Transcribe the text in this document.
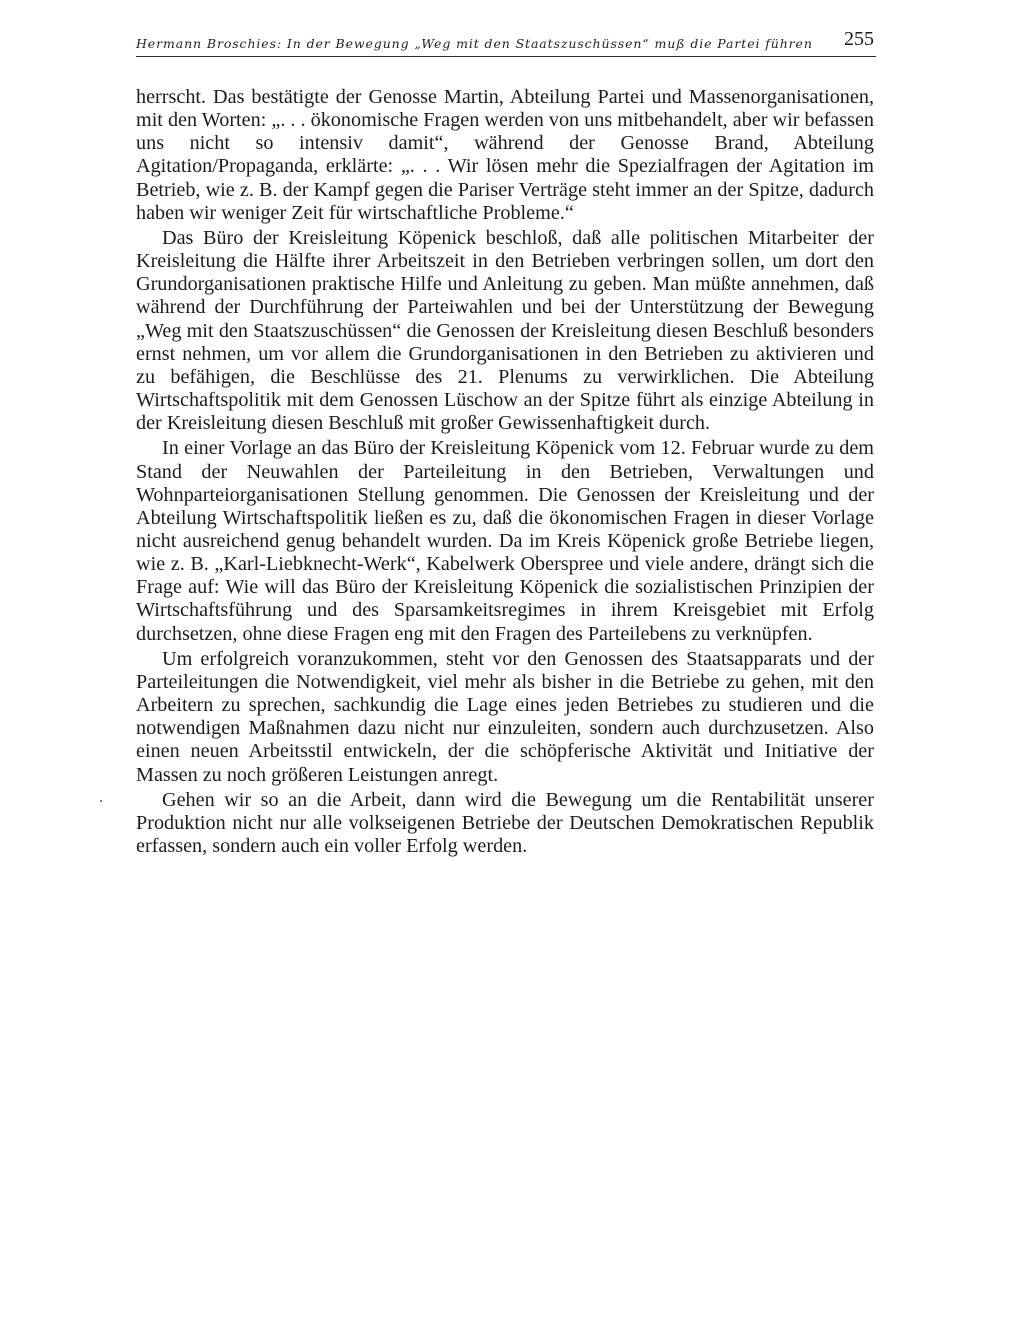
Hermann Broschies: In der Bewegung „Weg mit den Staatszuschüssen“ muß die Partei führen 255

herrscht. Das bestätigte der Genosse Martin, Abteilung Partei und Massenorganisationen, mit den Worten: „. . . ökonomische Fragen werden von uns mitbehandelt, aber wir befassen uns nicht so intensiv damit“, während der Genosse Brand, Abteilung Agitation/Propaganda, erklärte: „. . . Wir lösen mehr die Spezialfragen der Agitation im Betrieb, wie z. B. der Kampf gegen die Pariser Verträge steht immer an der Spitze, dadurch haben wir weniger Zeit für wirtschaftliche Probleme.“

Das Büro der Kreisleitung Köpenick beschloß, daß alle politischen Mitarbeiter der Kreisleitung die Hälfte ihrer Arbeitszeit in den Betrieben verbringen sollen, um dort den Grundorganisationen praktische Hilfe und Anleitung zu geben. Man müßte annehmen, daß während der Durchführung der Parteiwahlen und bei der Unterstützung der Bewegung „Weg mit den Staatszuschüssen“ die Genossen der Kreisleitung diesen Beschluß besonders ernst nehmen, um vor allem die Grundorganisationen in den Betrieben zu aktivieren und zu befähigen, die Beschlüsse des 21. Plenums zu verwirklichen. Die Abteilung Wirtschaftspolitik mit dem Genossen Lüschow an der Spitze führt als einzige Abteilung in der Kreisleitung diesen Beschluß mit großer Gewissenhaftigkeit durch.

In einer Vorlage an das Büro der Kreisleitung Köpenick vom 12. Februar wurde zu dem Stand der Neuwahlen der Parteileitung in den Betrieben, Verwaltungen und Wohnparteiorganisationen Stellung genommen. Die Genossen der Kreisleitung und der Abteilung Wirtschaftspolitik ließen es zu, daß die ökonomischen Fragen in dieser Vorlage nicht ausreichend genug behandelt wurden. Da im Kreis Köpenick große Betriebe liegen, wie z. B. „Karl-Liebknecht-Werk“, Kabelwerk Oberspree und viele andere, drängt sich die Frage auf: Wie will das Büro der Kreisleitung Köpenick die sozialistischen Prinzipien der Wirtschaftsführung und des Sparsamkeitsregimes in ihrem Kreisgebiet mit Erfolg durchsetzen, ohne diese Fragen eng mit den Fragen des Parteilebens zu verknüpfen.

Um erfolgreich voranzukommen, steht vor den Genossen des Staatsapparats und der Parteileitungen die Notwendigkeit, viel mehr als bisher in die Betriebe zu gehen, mit den Arbeitern zu sprechen, sachkundig die Lage eines jeden Betriebes zu studieren und die notwendigen Maßnahmen dazu nicht nur einzuleiten, sondern auch durchzusetzen. Also einen neuen Arbeitsstil entwickeln, der die schöpferische Aktivität und Initiative der Massen zu noch größeren Leistungen anregt.

Gehen wir so an die Arbeit, dann wird die Bewegung um die Rentabilität unserer Produktion nicht nur alle volkseigenen Betriebe der Deutschen Demokratischen Republik erfassen, sondern auch ein voller Erfolg werden.
